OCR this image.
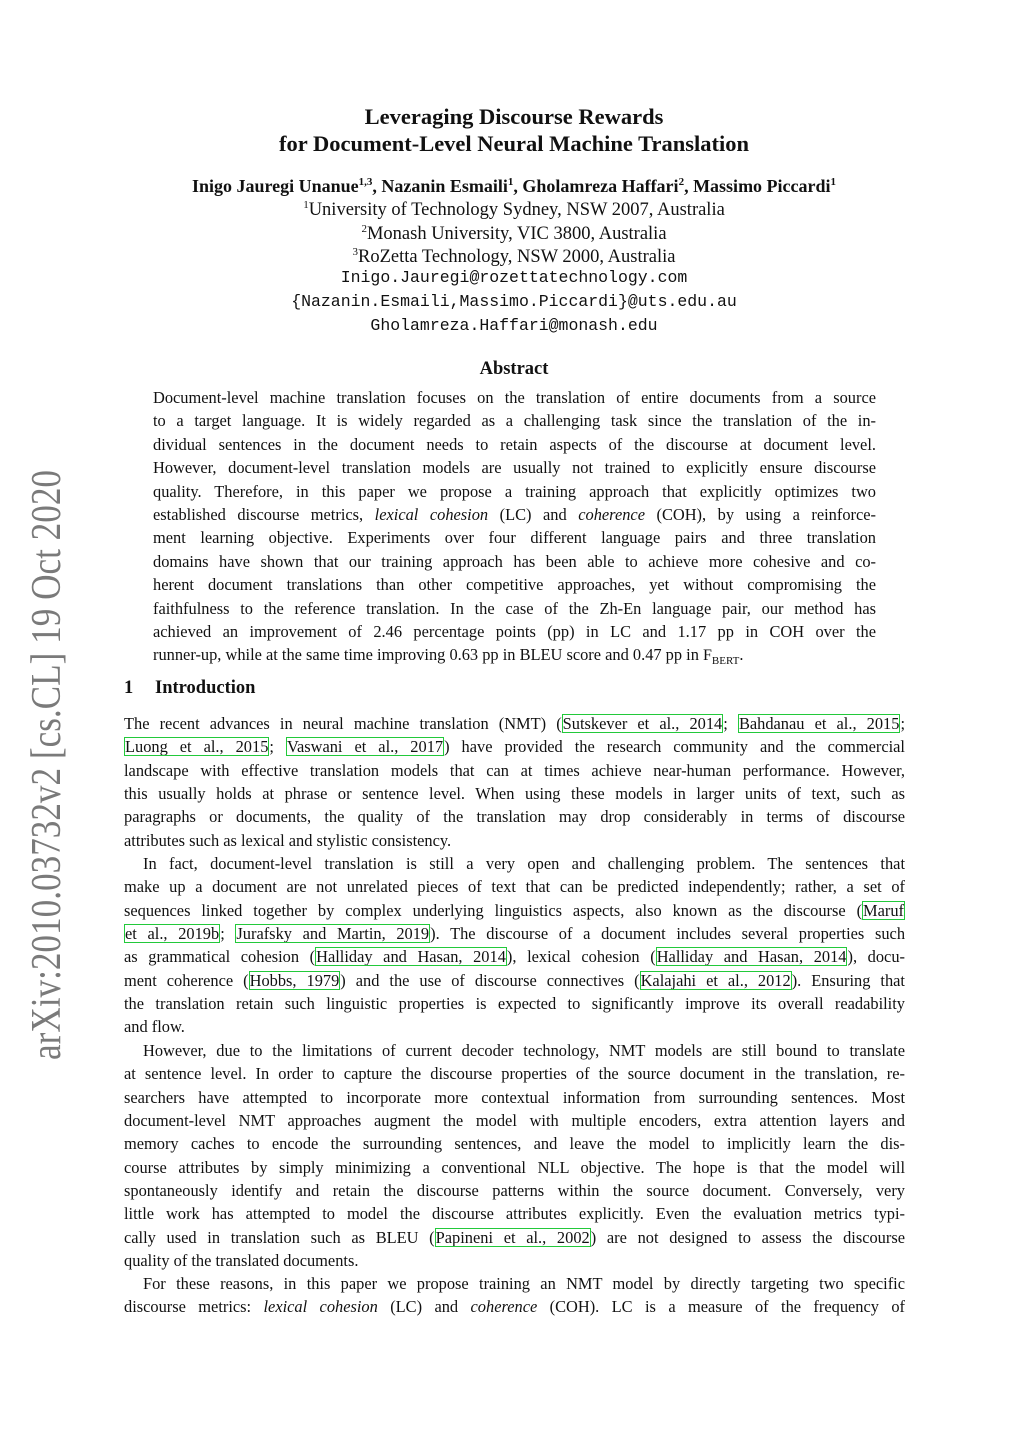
arXiv:2010.03732v2 [cs.CL] 19 Oct 2020
Leveraging Discourse Rewards
for Document-Level Neural Machine Translation
Inigo Jauregi Unanue$^{1,3}$, Nazanin Esmaili$^1$, Gholamreza Haffari$^2$, Massimo Piccardi$^1$
$^1$University of Technology Sydney, NSW 2007, Australia
$^2$Monash University, VIC 3800, Australia
$^3$RoZetta Technology, NSW 2000, Australia
Inigo.Jauregi@rozettatechnology.com
{Nazanin.Esmaili,Massimo.Piccardi}@uts.edu.au
Gholamreza.Haffari@monash.edu
Abstract
Document-level machine translation focuses on the translation of entire documents from a source
to a target language. It is widely regarded as a challenging task since the translation of the in-
dividual sentences in the document needs to retain aspects of the discourse at document level.
However, document-level translation models are usually not trained to explicitly ensure discourse
quality. Therefore, in this paper we propose a training approach that explicitly optimizes two
established discourse metrics, lexical cohesion (LC) and coherence (COH), by using a reinforce-
ment learning objective. Experiments over four different language pairs and three translation
domains have shown that our training approach has been able to achieve more cohesive and co-
herent document translations than other competitive approaches, yet without compromising the
faithfulness to the reference translation. In the case of the Zh-En language pair, our method has
achieved an improvement of 2.46 percentage points (pp) in LC and 1.17 pp in COH over the
runner-up, while at the same time improving 0.63 pp in BLEU score and 0.47 pp in $F_{BERT}$.
1 Introduction
The recent advances in neural machine translation (NMT) (Sutskever et al., 2014; Bahdanau et al., 2015;
Luong et al., 2015; Vaswani et al., 2017) have provided the research community and the commercial
landscape with effective translation models that can at times achieve near-human performance. However,
this usually holds at phrase or sentence level. When using these models in larger units of text, such as
paragraphs or documents, the quality of the translation may drop considerably in terms of discourse
attributes such as lexical and stylistic consistency.
In fact, document-level translation is still a very open and challenging problem. The sentences that
make up a document are not unrelated pieces of text that can be predicted independently; rather, a set of
sequences linked together by complex underlying linguistics aspects, also known as the discourse (Maruf
et al., 2019b; Jurafsky and Martin, 2019). The discourse of a document includes several properties such
as grammatical cohesion (Halliday and Hasan, 2014), lexical cohesion (Halliday and Hasan, 2014), docu-
ment coherence (Hobbs, 1979) and the use of discourse connectives (Kalajahi et al., 2012). Ensuring that
the translation retain such linguistic properties is expected to significantly improve its overall readability
and flow.
However, due to the limitations of current decoder technology, NMT models are still bound to translate
at sentence level. In order to capture the discourse properties of the source document in the translation, re-
searchers have attempted to incorporate more contextual information from surrounding sentences. Most
document-level NMT approaches augment the model with multiple encoders, extra attention layers and
memory caches to encode the surrounding sentences, and leave the model to implicitly learn the dis-
course attributes by simply minimizing a conventional NLL objective. The hope is that the model will
spontaneously identify and retain the discourse patterns within the source document. Conversely, very
little work has attempted to model the discourse attributes explicitly. Even the evaluation metrics typi-
cally used in translation such as BLEU (Papineni et al., 2002) are not designed to assess the discourse
quality of the translated documents.
For these reasons, in this paper we propose training an NMT model by directly targeting two specific
discourse metrics: lexical cohesion (LC) and coherence (COH). LC is a measure of the frequency of
